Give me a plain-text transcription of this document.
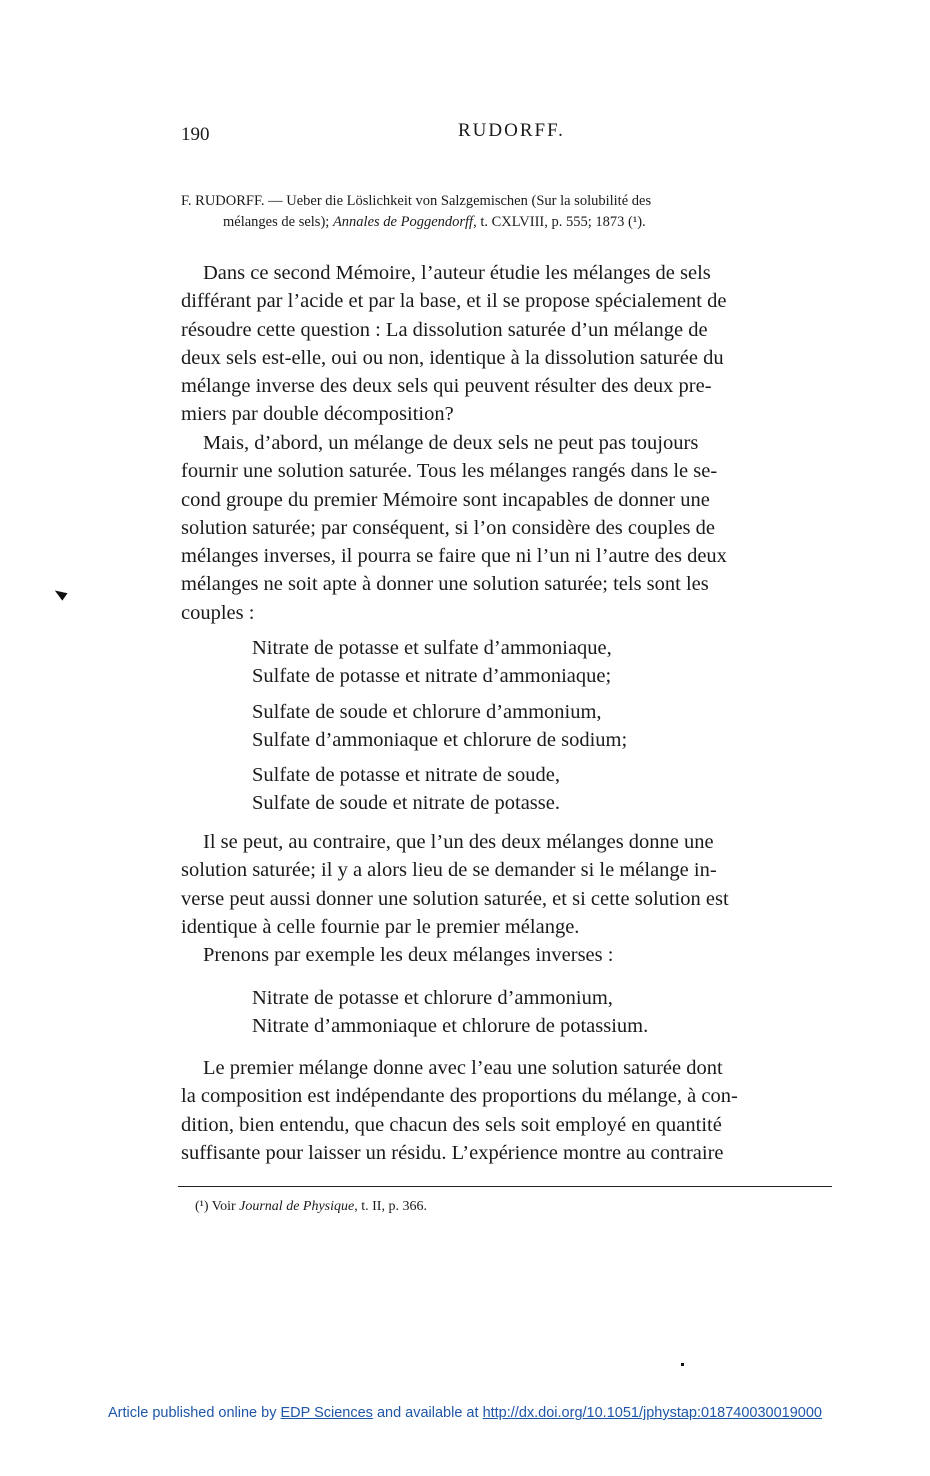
190	RUDORFF.
F. RUDORFF. — Ueber die Löslichkeit von Salzgemischen (Sur la solubilité des
mélanges de sels); Annales de Poggendorff, t. CXLVIII, p. 555; 1873 (¹).
Dans ce second Mémoire, l’auteur étudie les mélanges de sels
différant par l’acide et par la base, et il se propose spécialement de
résoudre cette question : La dissolution saturée d’un mélange de
deux sels est-elle, oui ou non, identique à la dissolution saturée du
mélange inverse des deux sels qui peuvent résulter des deux pre-
miers par double décomposition?
Mais, d’abord, un mélange de deux sels ne peut pas toujours
fournir une solution saturée. Tous les mélanges rangés dans le se-
cond groupe du premier Mémoire sont incapables de donner une
solution saturée; par conséquent, si l’on considère des couples de
mélanges inverses, il pourra se faire que ni l’un ni l’autre des deux
mélanges ne soit apte à donner une solution saturée; tels sont les
couples :
Nitrate de potasse et sulfate d’ammoniaque,
Sulfate de potasse et nitrate d’ammoniaque;
Sulfate de soude et chlorure d’ammonium,
Sulfate d’ammoniaque et chlorure de sodium;
Sulfate de potasse et nitrate de soude,
Sulfate de soude et nitrate de potasse.
Il se peut, au contraire, que l’un des deux mélanges donne une
solution saturée; il y a alors lieu de se demander si le mélange in-
verse peut aussi donner une solution saturée, et si cette solution est
identique à celle fournie par le premier mélange.
Prenons par exemple les deux mélanges inverses :
Nitrate de potasse et chlorure d’ammonium,
Nitrate d’ammoniaque et chlorure de potassium.
Le premier mélange donne avec l’eau une solution saturée dont
la composition est indépendante des proportions du mélange, à con-
dition, bien entendu, que chacun des sels soit employé en quantité
suffisante pour laisser un résidu. L’expérience montre au contraire
(¹) Voir Journal de Physique, t. II, p. 366.
Article published online by EDP Sciences and available at http://dx.doi.org/10.1051/jphystap:018740030019000
